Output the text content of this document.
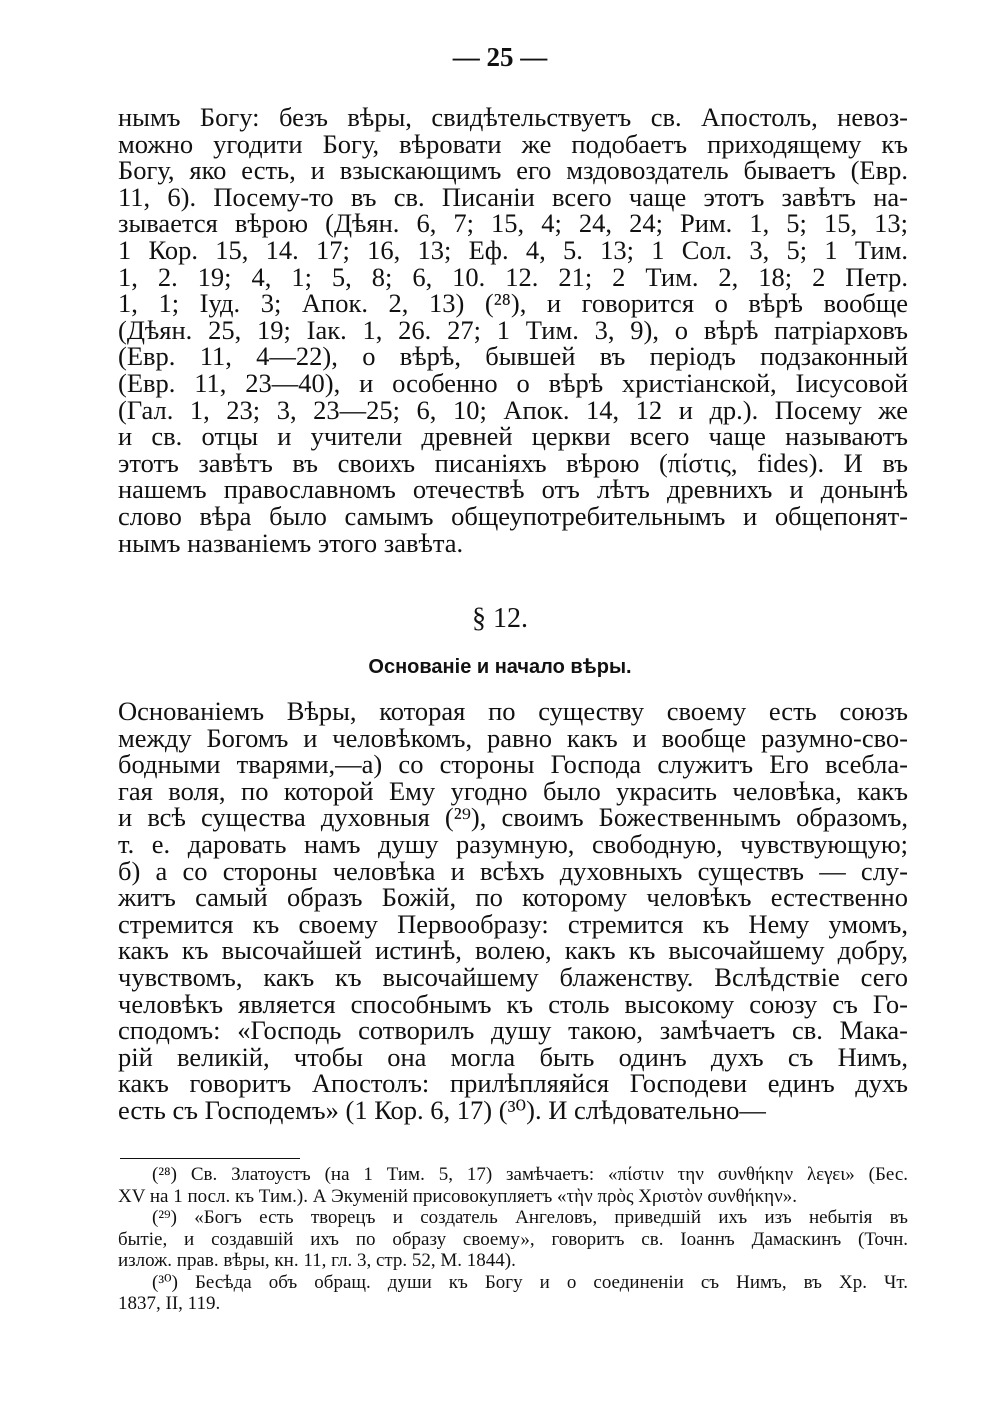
— 25 —
нымъ Богу: безъ вѣры, свидѣтельствуетъ св. Апостолъ, невоз-
можно угодити Богу, вѣровати же подобаетъ приходящему къ
Богу, яко есть, и взыскающимъ его мздовоздатель бываетъ (Евр.
11, 6). Посему-то въ св. Писаніи всего чаще этотъ завѣтъ на-
зывается вѣрою (Дѣян. 6, 7; 15, 4; 24, 24; Рим. 1, 5; 15, 13;
1 Кор. 15, 14. 17; 16, 13; Еф. 4, 5. 13; 1 Сол. 3, 5; 1 Тим.
1, 2. 19; 4, 1; 5, 8; 6, 10. 12. 21; 2 Тим. 2, 18; 2 Петр.
1, 1; Іуд. 3; Апок. 2, 13) (²⁸), и говорится о вѣрѣ вообще
(Дѣян. 25, 19; Іак. 1, 26. 27; 1 Тим. 3, 9), о вѣрѣ патріарховъ
(Евр. 11, 4—22), о вѣрѣ, бывшей въ періодъ подзаконный
(Евр. 11, 23—40), и особенно о вѣрѣ христіанской, Іисусовой
(Гал. 1, 23; 3, 23—25; 6, 10; Апок. 14, 12 и др.). Посему же
и св. отцы и учители древней церкви всего чаще называютъ
этотъ завѣтъ въ своихъ писаніяхъ вѣрою (πίστις, fides). И въ
нашемъ православномъ отечествѣ отъ лѣтъ древнихъ и донынѣ
слово вѣра было самымъ общеупотребительнымъ и общепонят-
нымъ названіемъ этого завѣта.
§ 12.
Основаніе и начало вѣры.
Основаніемъ Вѣры, которая по существу своему есть союзъ
между Богомъ и человѣкомъ, равно какъ и вообще разумно-сво-
бодными тварями,—а) со стороны Господа служитъ Его всебла-
гая воля, по которой Ему угодно было украсить человѣка, какъ
и всѣ существа духовныя (²⁹), своимъ Божественнымъ образомъ,
т. е. даровать намъ душу разумную, свободную, чувствующую;
б) а со стороны человѣка и всѣхъ духовныхъ существъ — слу-
житъ самый образъ Божій, по которому человѣкъ естественно
стремится къ своему Первообразу: стремится къ Нему умомъ,
какъ къ высочайшей истинѣ, волею, какъ къ высочайшему добру,
чувствомъ, какъ къ высочайшему блаженству. Вслѣдствіе сего
человѣкъ является способнымъ къ столь высокому союзу съ Го-
сподомъ: «Господь сотворилъ душу такою, замѣчаетъ св. Мака-
рій великій, чтобы она могла быть одинъ духъ съ Нимъ,
какъ говоритъ Апостолъ: прилѣпляяйся Господеви единъ духъ
есть съ Господемъ» (1 Кор. 6, 17) (³⁰). И слѣдовательно—
(²⁸) Св. Златоустъ (на 1 Тим. 5, 17) замѣчаетъ: «πίστιν την συνθήκην λεγει» (Бес.
XV на 1 посл. къ Тим.). А Экуменій присовокупляетъ «τὴν πρὸς Χριστὸν συνθήκην».
(²⁹) «Богъ есть творецъ и создатель Ангеловъ, приведшій ихъ изъ небытія въ
бытіе, и создавшій ихъ по образу своему», говоритъ св. Іоаннъ Дамаскинъ (Точн.
излож. прав. вѣры, кн. 11, гл. 3, стр. 52, М. 1844).
(³⁰) Бесѣда объ обращ. души къ Богу и о соединеніи съ Нимъ, въ Хр. Чт.
1837, II, 119.
